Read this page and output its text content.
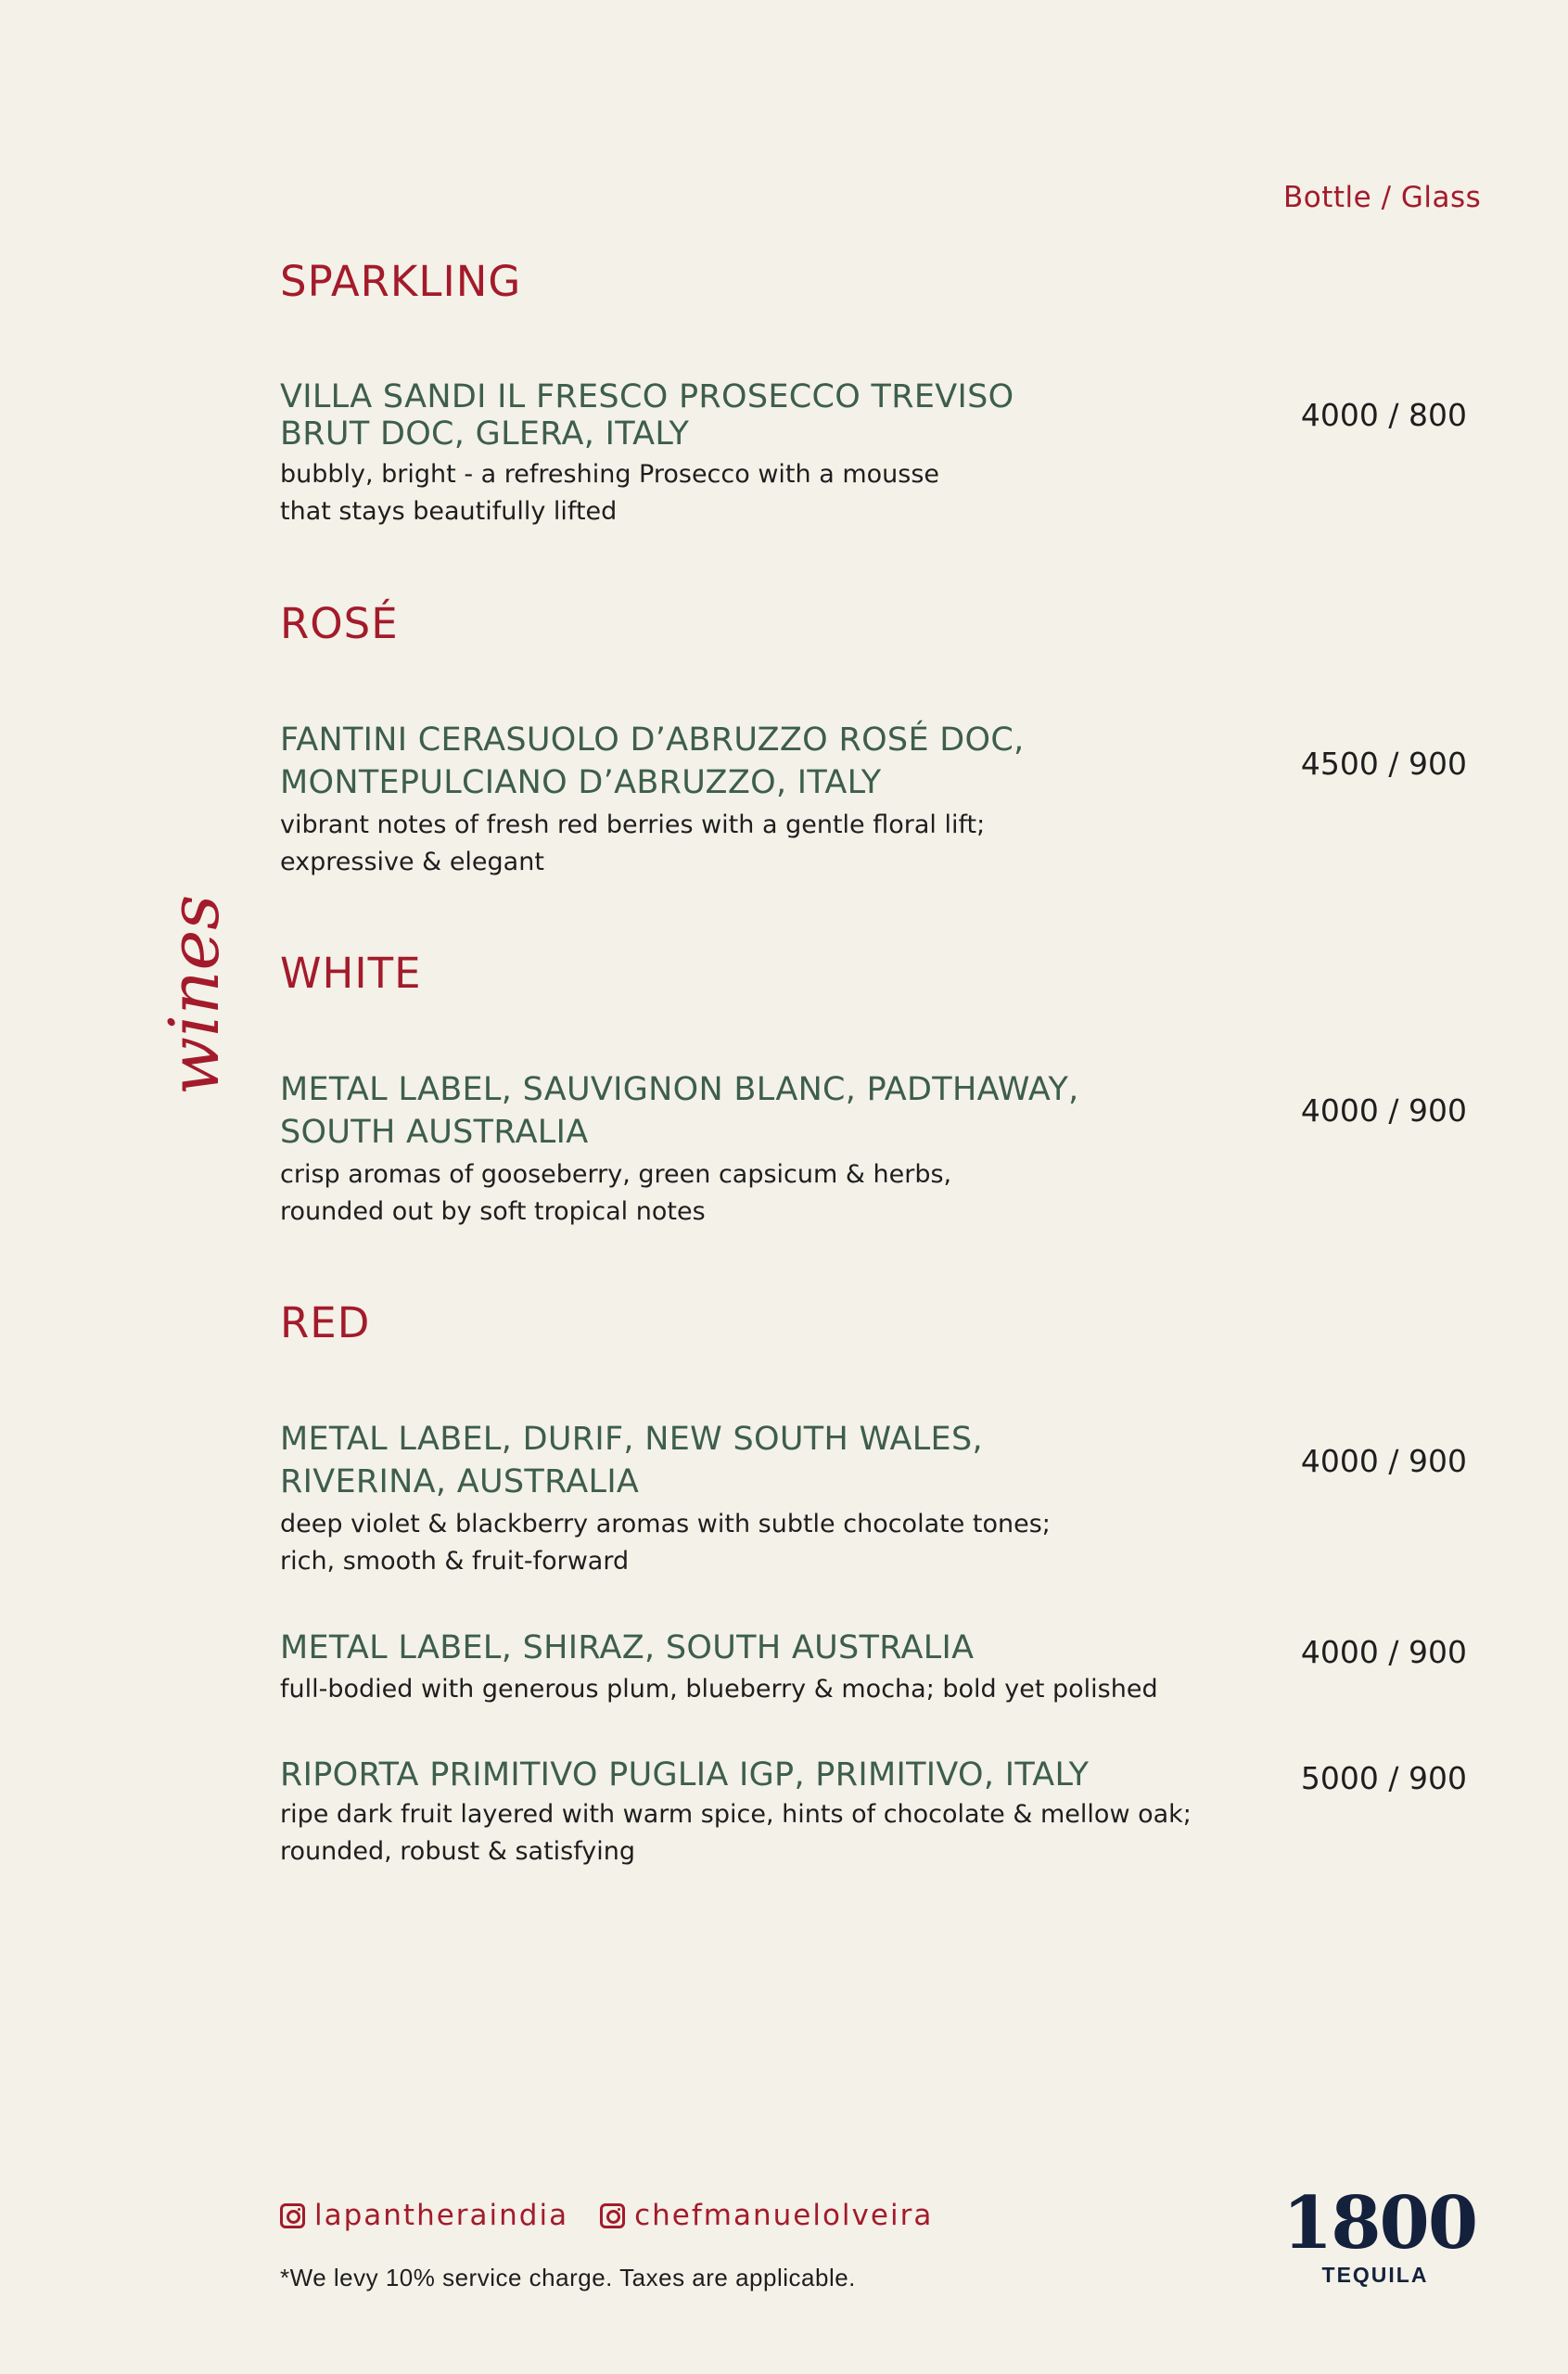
Bottle / Glass
wines
SPARKLING
VILLA SANDI IL FRESCO PROSECCO TREVISO
BRUT DOC, GLERA, ITALY
bubbly, bright - a refreshing Prosecco with a mousse
that stays beautifully lifted
4000 / 800
ROSÉ
FANTINI CERASUOLO D’ABRUZZO ROSÉ DOC,
MONTEPULCIANO D’ABRUZZO, ITALY
vibrant notes of fresh red berries with a gentle floral lift;
expressive & elegant
4500 / 900
WHITE
METAL LABEL, SAUVIGNON BLANC, PADTHAWAY,
SOUTH AUSTRALIA
crisp aromas of gooseberry, green capsicum & herbs,
rounded out by soft tropical notes
4000 / 900
RED
METAL LABEL, DURIF, NEW SOUTH WALES,
RIVERINA, AUSTRALIA
deep violet & blackberry aromas with subtle chocolate tones;
rich, smooth & fruit-forward
4000 / 900
METAL LABEL, SHIRAZ, SOUTH AUSTRALIA
full-bodied with generous plum, blueberry & mocha; bold yet polished
4000 / 900
RIPORTA PRIMITIVO PUGLIA IGP, PRIMITIVO, ITALY
ripe dark fruit layered with warm spice, hints of chocolate & mellow oak;
rounded, robust & satisfying
5000 / 900
lapantheraindia chefmanuelolveira
*We levy 10% service charge. Taxes are applicable.
1800
TEQUILA
